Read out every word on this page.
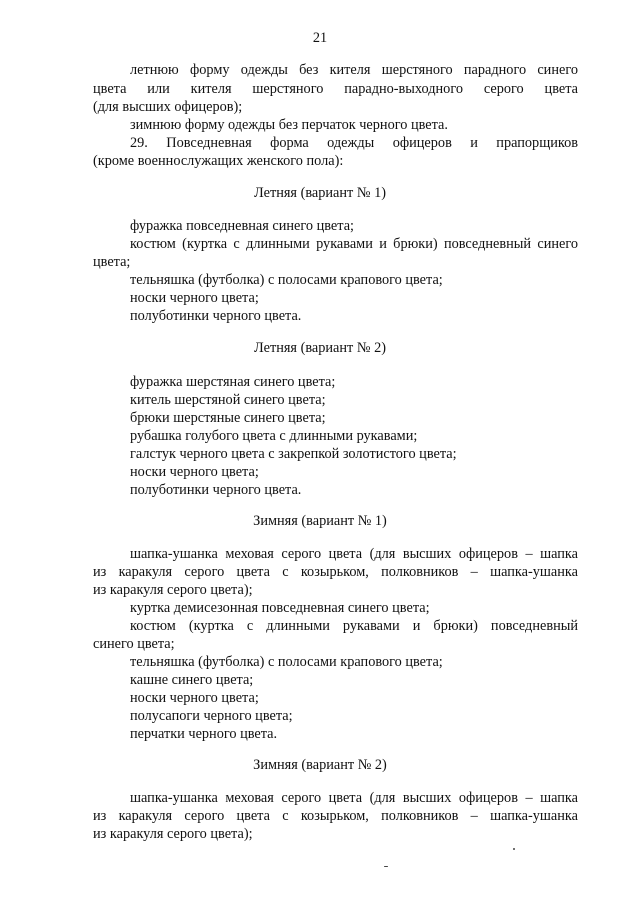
21
летнюю форму одежды без кителя шерстяного парадного синего
цвета или кителя шерстяного парадно-выходного серого цвета
(для высших офицеров);
зимнюю форму одежды без перчаток черного цвета.
29. Повседневная форма одежды офицеров и прапорщиков
(кроме военнослужащих женского пола):
Летняя (вариант № 1)
фуражка повседневная синего цвета;
костюм (куртка с длинными рукавами и брюки) повседневный синего
цвета;
тельняшка (футболка) с полосами крапового цвета;
носки черного цвета;
полуботинки черного цвета.
Летняя (вариант № 2)
фуражка шерстяная синего цвета;
китель шерстяной синего цвета;
брюки шерстяные синего цвета;
рубашка голубого цвета с длинными рукавами;
галстук черного цвета с закрепкой золотистого цвета;
носки черного цвета;
полуботинки черного цвета.
Зимняя (вариант № 1)
шапка-ушанка меховая серого цвета (для высших офицеров – шапка
из каракуля серого цвета с козырьком, полковников – шапка-ушанка
из каракуля серого цвета);
куртка демисезонная повседневная синего цвета;
костюм (куртка с длинными рукавами и брюки) повседневный
синего цвета;
тельняшка (футболка) с полосами крапового цвета;
кашне синего цвета;
носки черного цвета;
полусапоги черного цвета;
перчатки черного цвета.
Зимняя (вариант № 2)
шапка-ушанка меховая серого цвета (для высших офицеров – шапка
из каракуля серого цвета с козырьком, полковников – шапка-ушанка
из каракуля серого цвета);
